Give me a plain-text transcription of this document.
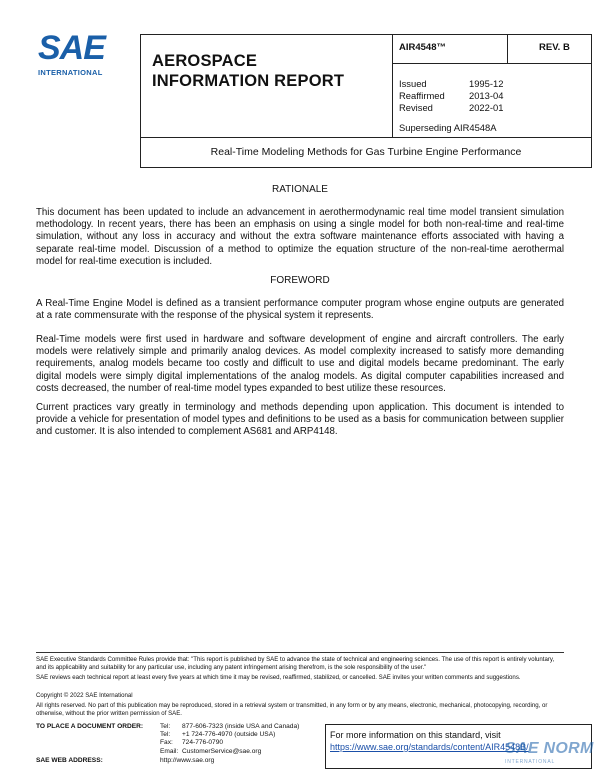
SAE
INTERNATIONAL
AEROSPACE
INFORMATION REPORT
AIR4548™	REV. B
Issued	1995-12
Reaffirmed	2013-04
Revised	2022-01
Superseding AIR4548A
Real-Time Modeling Methods for Gas Turbine Engine Performance
RATIONALE
This document has been updated to include an advancement in aerothermodynamic real time model transient simulation methodology. In recent years, there has been an emphasis on using a single model for both non-real-time and real-time simulation, without any loss in accuracy and without the extra software maintenance efforts associated with having a separate real-time model. Discussion of a method to optimize the equation structure of the non-real-time aerothermal model for real-time execution is included.
FOREWORD
A Real-Time Engine Model is defined as a transient performance computer program whose engine outputs are generated at a rate commensurate with the response of the physical system it represents.
Real-Time models were first used in hardware and software development of engine and aircraft controllers. The early models were relatively simple and primarily analog devices. As model complexity increased to satisfy more demanding requirements, analog models became too costly and difficult to use and digital models became predominant. The early digital models were simply digital implementations of the analog models. As digital computer capabilities increased and costs decreased, the number of real-time model types expanded to best utilize these resources.
Current practices vary greatly in terminology and methods depending upon application. This document is intended to provide a vehicle for presentation of model types and definitions to be used as a basis for communication between supplier and customer. It is also intended to complement AS681 and ARP4148.
SAE Executive Standards Committee Rules provide that: "This report is published by SAE to advance the state of technical and engineering sciences. The use of this report is entirely voluntary, and its applicability and suitability for any particular use, including any patent infringement arising therefrom, is the sole responsibility of the user."
SAE reviews each technical report at least every five years at which time it may be revised, reaffirmed, stabilized, or cancelled. SAE invites your written comments and suggestions.
Copyright © 2022 SAE International
All rights reserved. No part of this publication may be reproduced, stored in a retrieval system or transmitted, in any form or by any means, electronic, mechanical, photocopying, recording, or otherwise, without the prior written permission of SAE.
TO PLACE A DOCUMENT ORDER:	Tel:	877-606-7323 (inside USA and Canada)
Tel:	+1 724-776-4970 (outside USA)
Fax:	724-776-0790
Email: CustomerService@sae.org
SAE WEB ADDRESS:	http://www.sae.org
For more information on this standard, visit
https://www.sae.org/standards/content/AIR4548B/
SAE NORM
INTERNATIONAL
